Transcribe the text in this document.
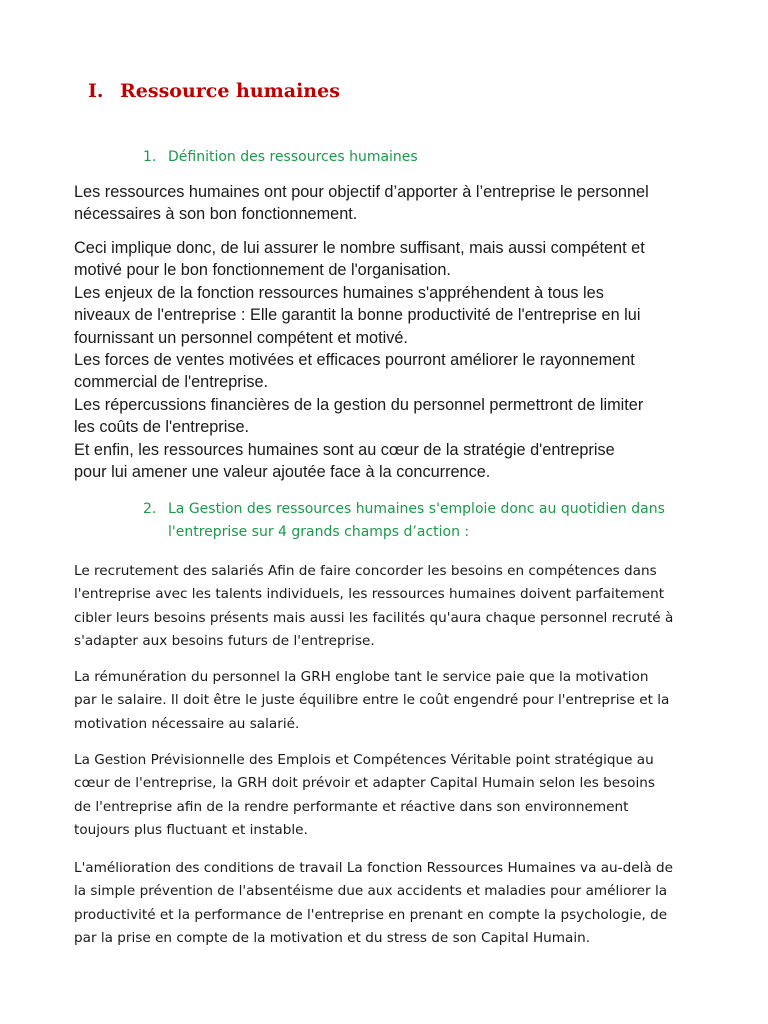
I. Ressource humaines
1. Définition des ressources humaines

Les ressources humaines ont pour objectif d’apporter à l’entreprise le personnel
nécessaires à son bon fonctionnement.

Ceci implique donc, de lui assurer le nombre suffisant, mais aussi compétent et
motivé pour le bon fonctionnement de l'organisation.
Les enjeux de la fonction ressources humaines s'appréhendent à tous les
niveaux de l'entreprise : Elle garantit la bonne productivité de l'entreprise en lui
fournissant un personnel compétent et motivé.
Les forces de ventes motivées et efficaces pourront améliorer le rayonnement
commercial de l'entreprise.
Les répercussions financières de la gestion du personnel permettront de limiter
les coûts de l'entreprise.
Et enfin, les ressources humaines sont au cœur de la stratégie d'entreprise
pour lui amener une valeur ajoutée face à la concurrence.

2. La Gestion des ressources humaines s'emploie donc au quotidien dans
l'entreprise sur 4 grands champs d’action :

Le recrutement des salariés Afin de faire concorder les besoins en compétences dans
l'entreprise avec les talents individuels, les ressources humaines doivent parfaitement
cibler leurs besoins présents mais aussi les facilités qu'aura chaque personnel recruté à
s'adapter aux besoins futurs de l'entreprise.

La rémunération du personnel la GRH englobe tant le service paie que la motivation
par le salaire. Il doit être le juste équilibre entre le coût engendré pour l'entreprise et la
motivation nécessaire au salarié.

La Gestion Prévisionnelle des Emplois et Compétences Véritable point stratégique au
cœur de l'entreprise, la GRH doit prévoir et adapter Capital Humain selon les besoins
de l'entreprise afin de la rendre performante et réactive dans son environnement
toujours plus fluctuant et instable.

L'amélioration des conditions de travail La fonction Ressources Humaines va au-delà de
la simple prévention de l'absentéisme due aux accidents et maladies pour améliorer la
productivité et la performance de l'entreprise en prenant en compte la psychologie, de
par la prise en compte de la motivation et du stress de son Capital Humain.
